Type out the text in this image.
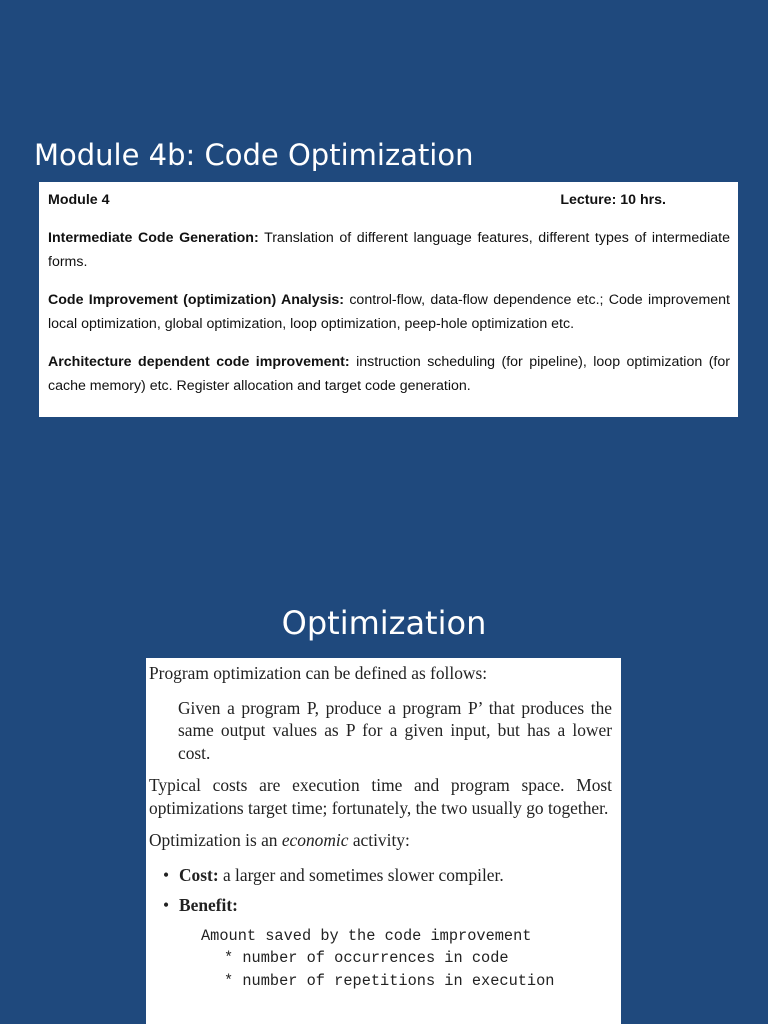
Module 4b: Code Optimization
Module 4	Lecture: 10 hrs.

Intermediate Code Generation: Translation of different language features, different types of intermediate forms.

Code Improvement (optimization) Analysis: control-flow, data-flow dependence etc.; Code improvement local optimization, global optimization, loop optimization, peep-hole optimization etc.

Architecture dependent code improvement: instruction scheduling (for pipeline), loop optimization (for cache memory) etc. Register allocation and target code generation.

Optimization

Program optimization can be defined as follows:

Given a program P, produce a program P’ that produces the same output values as P for a given input, but has a lower cost.

Typical costs are execution time and program space. Most optimizations target time; fortunately, the two usually go together.

Optimization is an economic activity:

• Cost: a larger and sometimes slower compiler.
• Benefit:
Amount saved by the code improvement
* number of occurrences in code
* number of repetitions in execution
